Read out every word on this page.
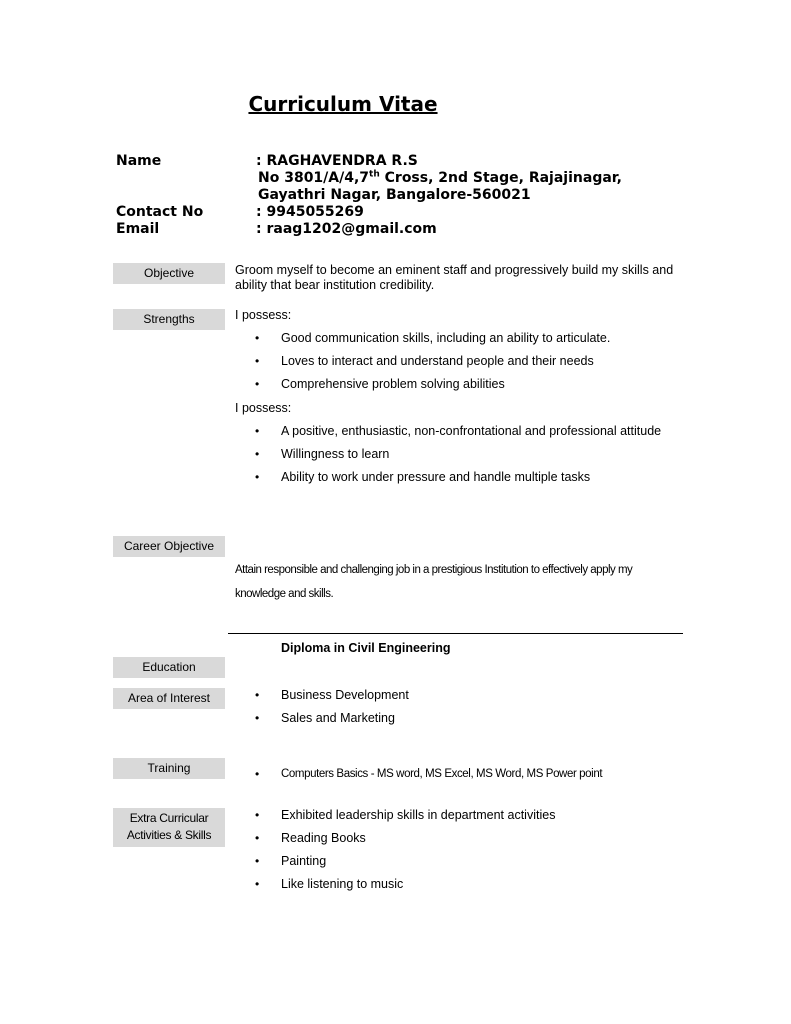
Curriculum Vitae
Name	: RAGHAVENDRA R.S
No 3801/A/4,7th Cross, 2nd Stage, Rajajinagar,
Gayathri Nagar, Bangalore-560021
Contact No	: 9945055269
Email	: raag1202@gmail.com
Objective	Groom myself to become an eminent staff and progressively build my skills and ability that bear institution credibility.
Strengths	I possess:
• Good communication skills, including an ability to articulate.
• Loves to interact and understand people and their needs
• Comprehensive problem solving abilities
I possess:
• A positive, enthusiastic, non-confrontational and professional attitude
• Willingness to learn
• Ability to work under pressure and handle multiple tasks
Career Objective
Attain responsible and challenging job in a prestigious Institution to effectively apply my knowledge and skills.
Diploma in Civil Engineering
Education
Area of Interest	• Business Development
• Sales and Marketing
Training	• Computers Basics - MS word, MS Excel, MS Word, MS Power point
Extra Curricular
Activities & Skills
• Exhibited leadership skills in department activities
• Reading Books
• Painting
• Like listening to music
